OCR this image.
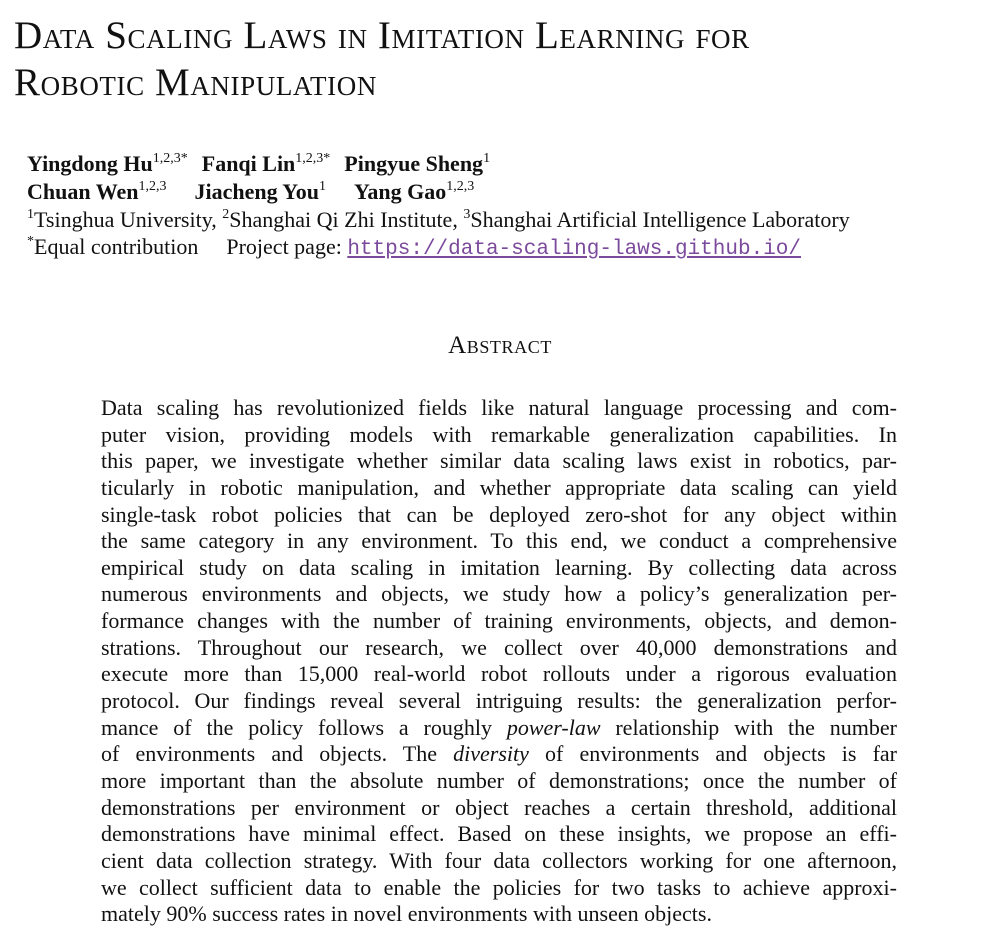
Data Scaling Laws in Imitation Learning for
Robotic Manipulation
Yingdong $Hu^{1,2,3*}$ Fanqi Lin$^{1,2,3*}$ Pingyue Sheng$^1$
Chuan Wen$^{1,2,3}$ Jiacheng You$^1$ Yang Gao$^{1,2,3}$
$^1$Tsinghua University, $^2$Shanghai Qi Zhi Institute, $^3$Shanghai Artificial Intelligence Laboratory
*Equal contribution Project page: https://data-scaling-laws.github.io/
Abstract
Data scaling has revolutionized fields like natural language processing and com-
puter vision, providing models with remarkable generalization capabilities. In
this paper, we investigate whether similar data scaling laws exist in robotics, par-
ticularly in robotic manipulation, and whether appropriate data scaling can yield
single-task robot policies that can be deployed zero-shot for any object within
the same category in any environment. To this end, we conduct a comprehensive
empirical study on data scaling in imitation learning. By collecting data across
numerous environments and objects, we study how a policy’s generalization per-
formance changes with the number of training environments, objects, and demon-
strations. Throughout our research, we collect over 40,000 demonstrations and
execute more than 15,000 real-world robot rollouts under a rigorous evaluation
protocol. Our findings reveal several intriguing results: the generalization perfor-
mance of the policy follows a roughly power-law relationship with the number
of environments and objects. The diversity of environments and objects is far
more important than the absolute number of demonstrations; once the number of
demonstrations per environment or object reaches a certain threshold, additional
demonstrations have minimal effect. Based on these insights, we propose an effi-
cient data collection strategy. With four data collectors working for one afternoon,
we collect sufficient data to enable the policies for two tasks to achieve approxi-
mately 90% success rates in novel environments with unseen objects.
